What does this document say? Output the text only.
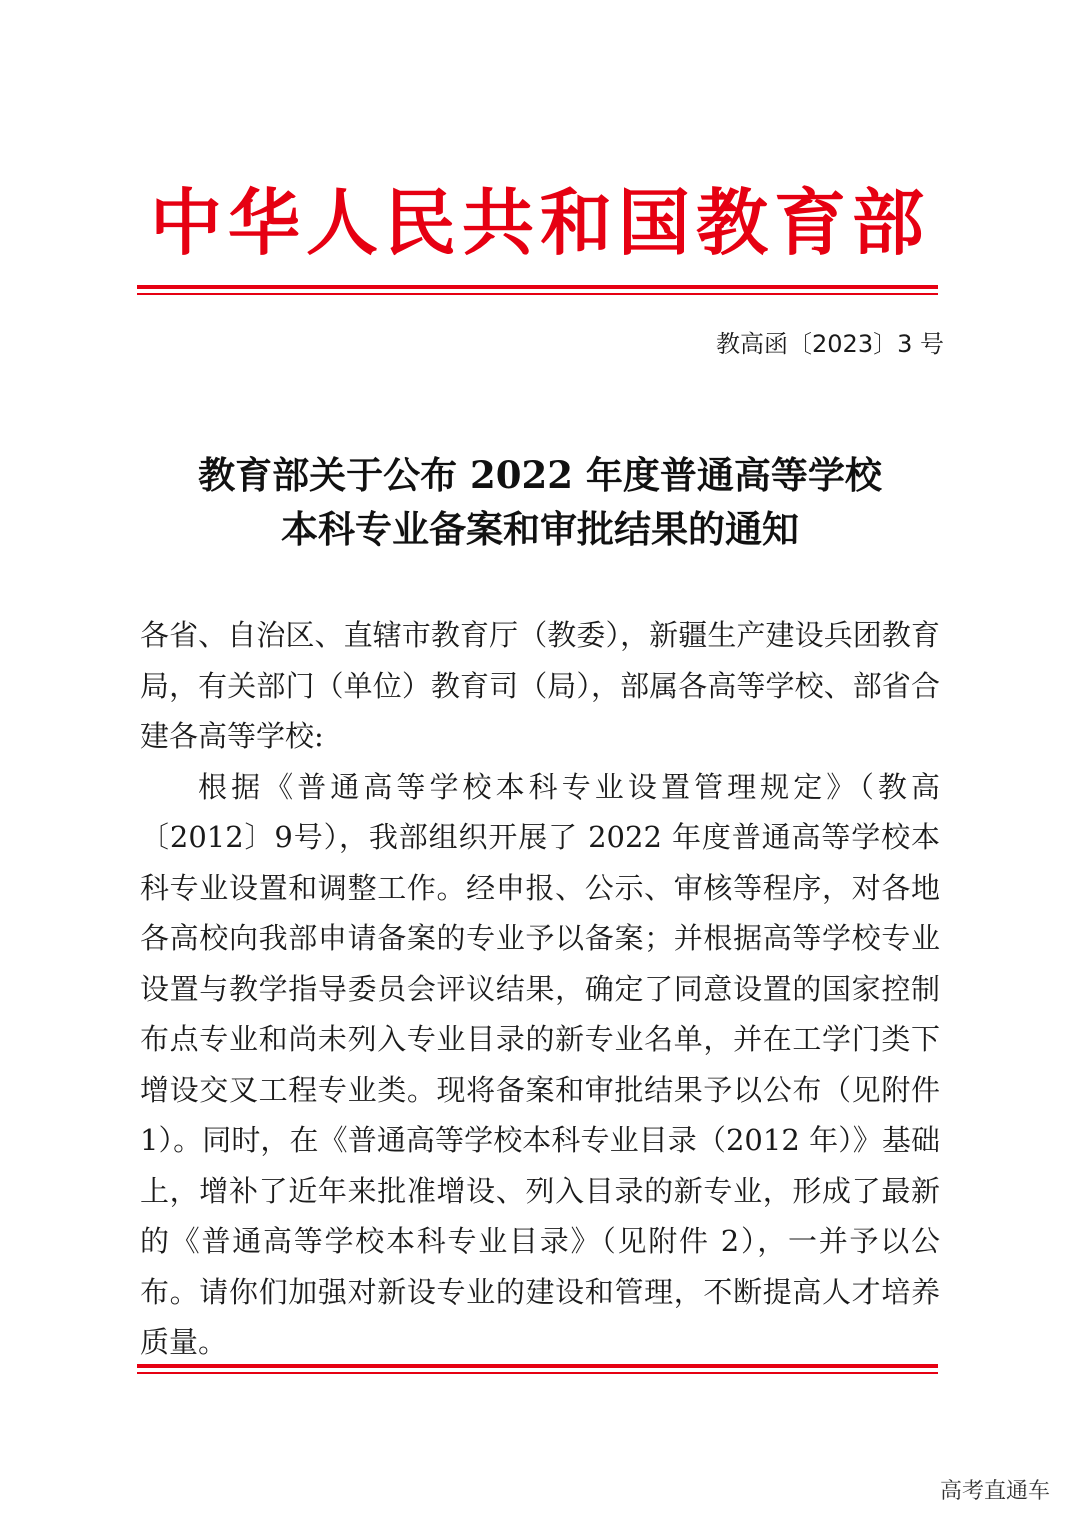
中华人民共和国教育部
教高函〔2023〕3 号
教育部关于公布 2022 年度普通高等学校
本科专业备案和审批结果的通知

各省、自治区、直辖市教育厅（教委），新疆生产建设兵团教育局，有关部门（单位）教育司（局），部属各高等学校、部省合建各高等学校:

根据《普通高等学校本科专业设置管理规定》（教高〔2012〕9号），我部组织开展了 2022 年度普通高等学校本科专业设置和调整工作。经申报、公示、审核等程序，对各地各高校向我部申请备案的专业予以备案；并根据高等学校专业设置与教学指导委员会评议结果，确定了同意设置的国家控制布点专业和尚未列入专业目录的新专业名单，并在工学门类下增设交叉工程专业类。现将备案和审批结果予以公布（见附件 1）。同时，在《普通高等学校本科专业目录（2012 年）》基础上，增补了近年来批准增设、列入目录的新专业，形成了最新的《普通高等学校本科专业目录》（见附件 2），一并予以公布。请你们加强对新设专业的建设和管理，不断提高人才培养质量。

高考直通车
